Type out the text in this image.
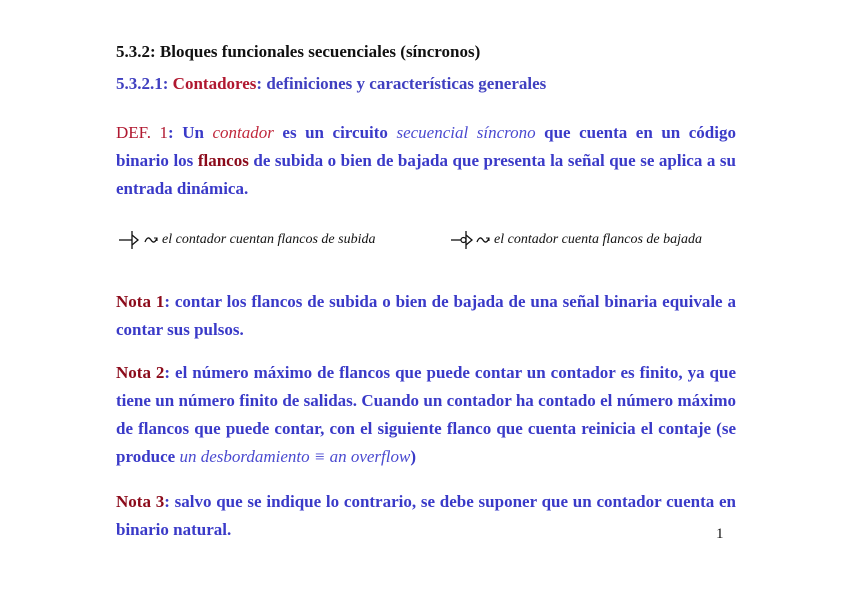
5.3.2: Bloques funcionales secuenciales (síncronos)
5.3.2.1: Contadores: definiciones y características generales
DEF. 1: Un contador es un circuito secuencial síncrono que cuenta en un código binario los flancos de subida o bien de bajada que presenta la señal que se aplica a su entrada dinámica.
el contador cuentan flancos de subida	el contador cuenta flancos de bajada
Nota 1: contar los flancos de subida o bien de bajada de una señal binaria equivale a contar sus pulsos.
Nota 2: el número máximo de flancos que puede contar un contador es finito, ya que tiene un número finito de salidas. Cuando un contador ha contado el número máximo de flancos que puede contar, con el siguiente flanco que cuenta reinicia el contaje (se produce un desbordamiento ≡ an overflow)
Nota 3: salvo que se indique lo contrario, se debe suponer que un contador cuenta en binario natural.	1
